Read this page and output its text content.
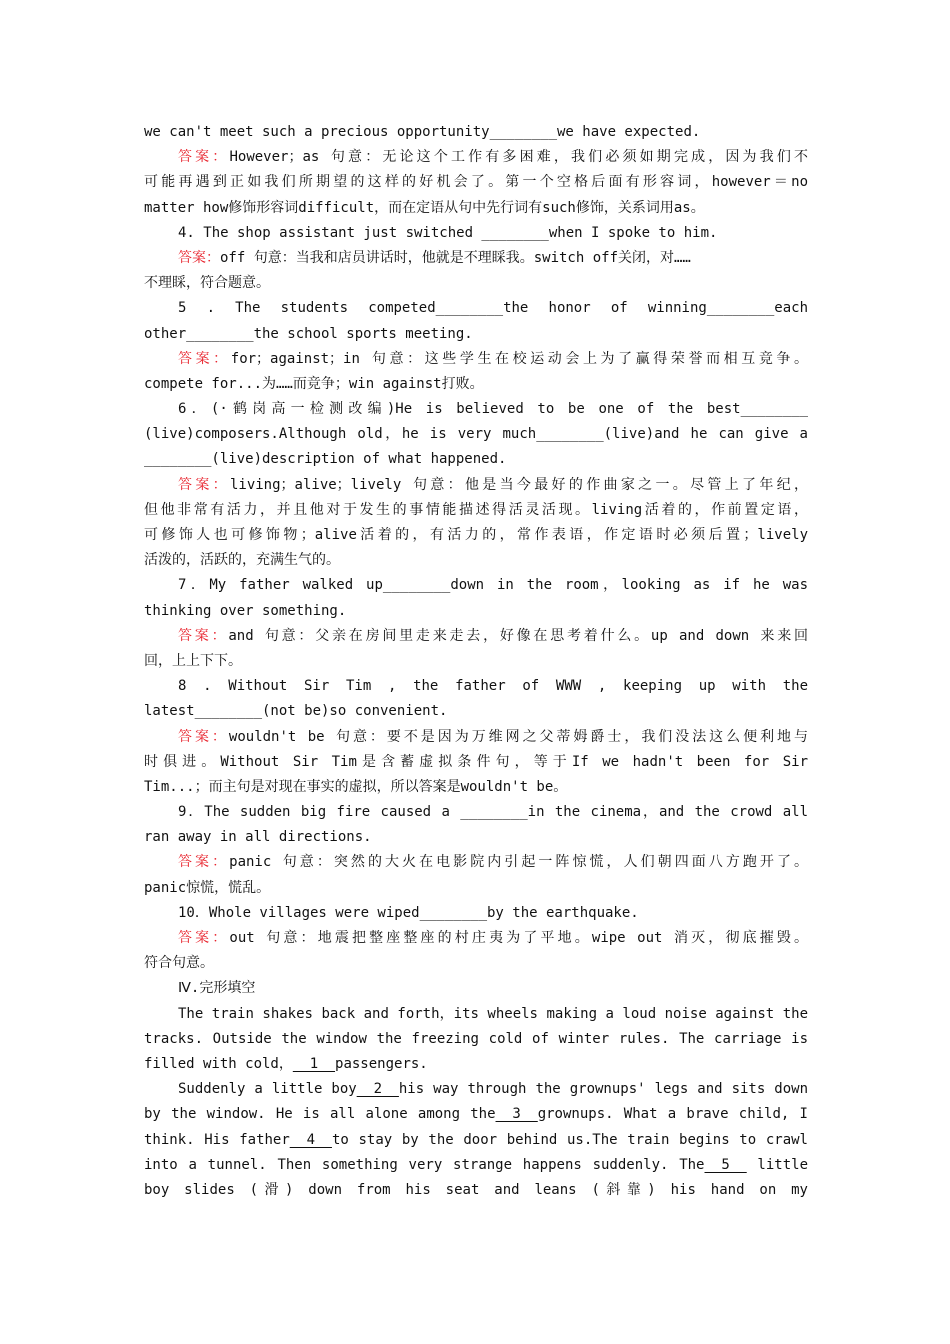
we can't meet such a precious opportunity________we have expected.
答案：However；as 句意：无论这个工作有多困难，我们必须如期完成，因为我们不
可能再遇到正如我们所期望的这样的好机会了。第一个空格后面有形容词，however＝no
matter how修饰形容词difficult，而在定语从句中先行词有such修饰，关系词用as。
4. The shop assistant just switched ________when I spoke to him.
答案：off 句意：当我和店员讲话时，他就是不理睬我。switch off关闭，对……
不理睬，符合题意。
5 . The students competed________the honor of winning________each
other________the school sports meeting.
答案：for；against；in 句意：这些学生在校运动会上为了赢得荣誉而相互竞争。
compete for...为……而竞争；win against打败。
6．(·鹤岗高一检测改编)He is believed to be one of the best________
(live)composers.Although old，he is very much________(live)and he can give a
________(live)description of what happened.
答案：living；alive；lively 句意：他是当今最好的作曲家之一。尽管上了年纪，
但他非常有活力，并且他对于发生的事情能描述得活灵活现。living活着的，作前置定语，
可修饰人也可修饰物；alive活着的，有活力的，常作表语，作定语时必须后置；lively
活泼的，活跃的，充满生气的。
7．My father walked up________down in the room，looking as if he was
thinking over something.
答案：and 句意：父亲在房间里走来走去，好像在思考着什么。up and down 来来回
回，上上下下。
8 . Without Sir Tim , the father of WWW , keeping up with the
latest________(not be)so convenient.
答案：wouldn't be 句意：要不是因为万维网之父蒂姆爵士，我们没法这么便利地与
时俱进。Without Sir Tim是含蓄虚拟条件句，等于If we hadn't been for Sir
Tim...；而主句是对现在事实的虚拟，所以答案是wouldn't be。
9．The sudden big fire caused a ________in the cinema，and the crowd all
ran away in all directions.
答案：panic 句意：突然的大火在电影院内引起一阵惊慌，人们朝四面八方跑开了。
panic惊慌，慌乱。
10．Whole villages were wiped________by the earthquake.
答案：out 句意：地震把整座整座的村庄夷为了平地。wipe out 消灭，彻底摧毁。
符合句意。
Ⅳ.完形填空
The train shakes back and forth，its wheels making a loud noise against the
tracks. Outside the window the freezing cold of winter rules. The carriage is
filled with cold，__1__passengers.
Suddenly a little boy__2__his way through the grownups' legs and sits down
by the window. He is all alone among the__3__grownups. What a brave child, I
think. His father__4__to stay by the door behind us.The train begins to crawl
into a tunnel. Then something very strange happens suddenly. The__5__ little
boy slides (滑) down from his seat and leans (斜靠) his hand on my
